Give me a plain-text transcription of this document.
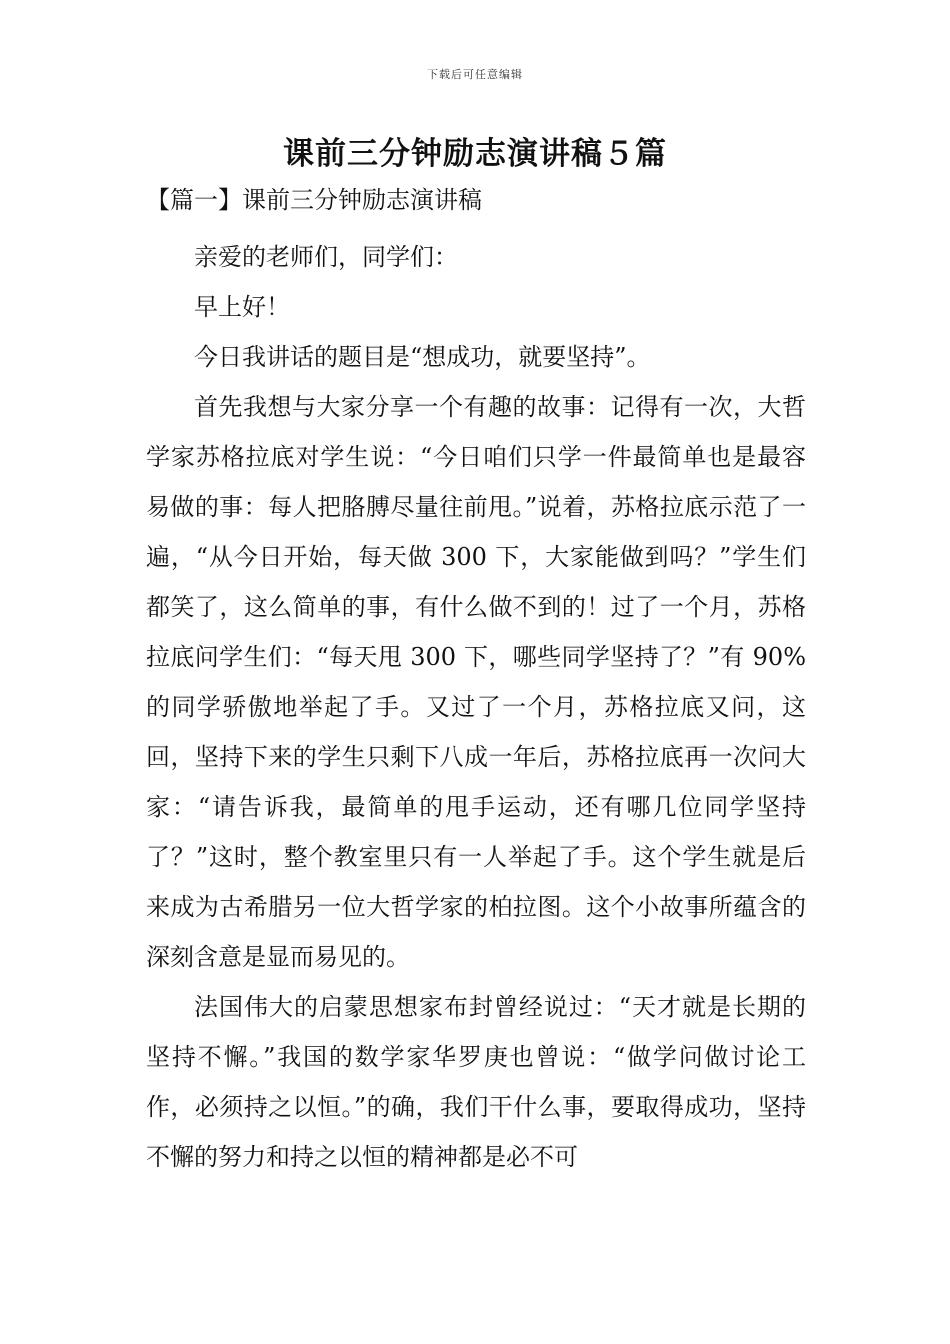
下载后可任意编辑
课前三分钟励志演讲稿５篇
【篇一】课前三分钟励志演讲稿

亲爱的老师们，同学们：

早上好！

今日我讲话的题目是“想成功，就要坚持”。

首先我想与大家分享一个有趣的故事：记得有一次，大哲学家苏格拉底对学生说：“今日咱们只学一件最简单也是最容易做的事：每人把胳膊尽量往前甩。”说着，苏格拉底示范了一遍，“从今日开始，每天做 300 下，大家能做到吗？”学生们都笑了，这么简单的事，有什么做不到的！过了一个月，苏格拉底问学生们：“每天甩 300 下，哪些同学坚持了？”有 90%的同学骄傲地举起了手。又过了一个月，苏格拉底又问，这回，坚持下来的学生只剩下八成一年后，苏格拉底再一次问大家：“请告诉我，最简单的甩手运动，还有哪几位同学坚持了？”这时，整个教室里只有一人举起了手。这个学生就是后来成为古希腊另一位大哲学家的柏拉图。这个小故事所蕴含的深刻含意是显而易见的。

法国伟大的启蒙思想家布封曾经说过：“天才就是长期的坚持不懈。”我国的数学家华罗庚也曾说：“做学问做讨论工作，必须持之以恒。”的确，我们干什么事，要取得成功，坚持不懈的努力和持之以恒的精神都是必不可
